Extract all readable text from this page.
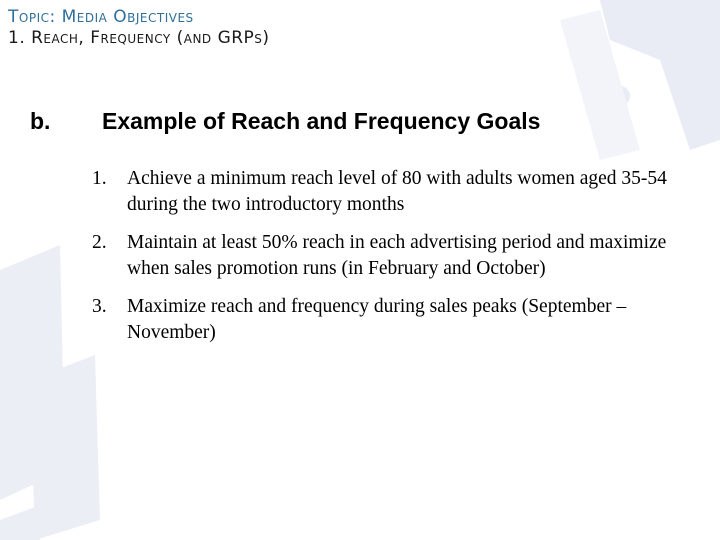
Topic: Media Objectives
1. Reach, Frequency (and GRPs)
b. Example of Reach and Frequency Goals
1.	Achieve a minimum reach level of 80 with adults women aged 35-54 during the two introductory months
2.	Maintain at least 50% reach in each advertising period and maximize when sales promotion runs (in February and October)
3.	Maximize reach and frequency during sales peaks (September – November)
